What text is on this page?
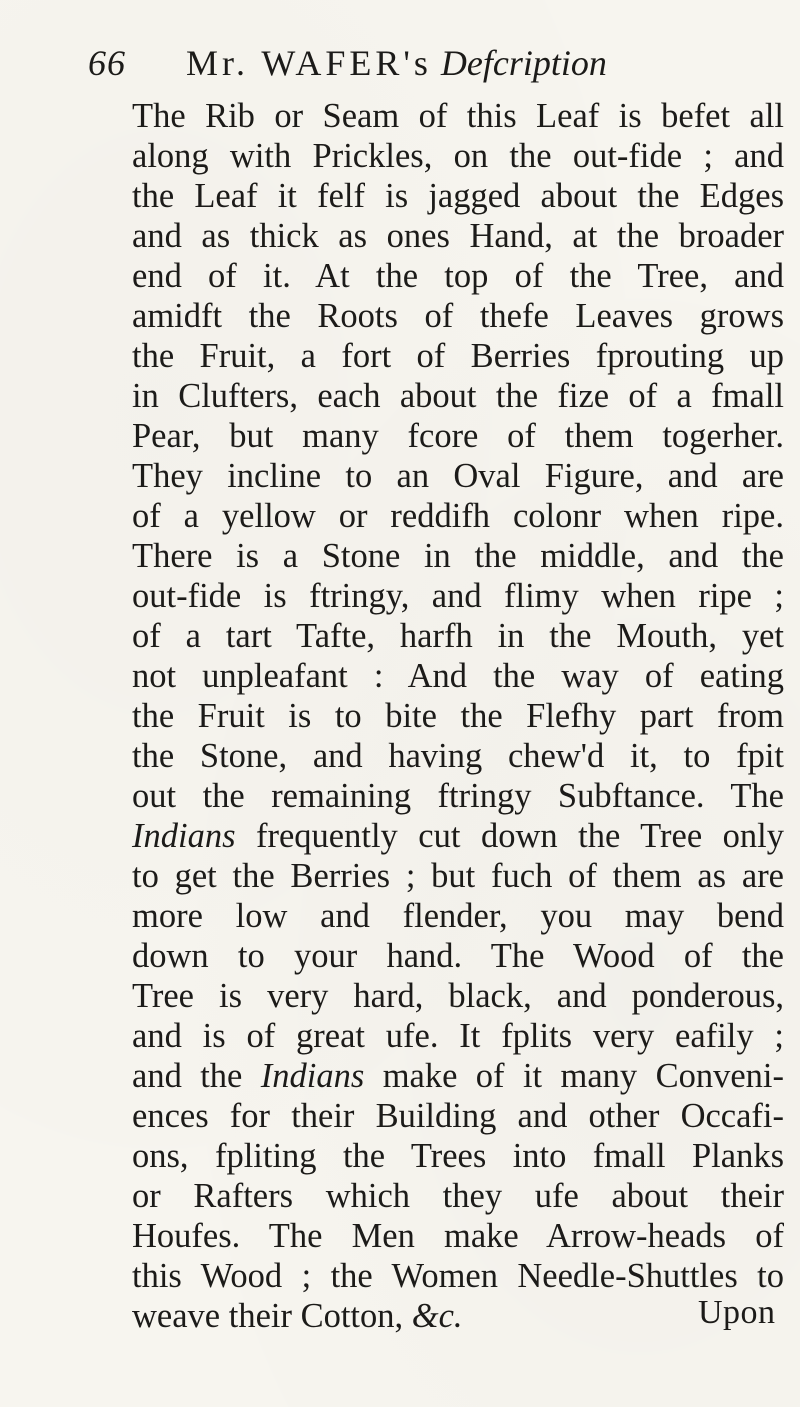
66 Mr. WAFER's Defcription
The Rib or Seam of this Leaf is befet all
along with Prickles, on the out-fide ; and
the Leaf it felf is jagged about the Edges
and as thick as ones Hand, at the broader
end of it. At the top of the Tree, and
amidft the Roots of thefe Leaves grows
the Fruit, a fort of Berries fprouting up
in Clufters, each about the fize of a fmall
Pear, but many fcore of them togerher.
They incline to an Oval Figure, and are
of a yellow or reddifh colonr when ripe.
There is a Stone in the middle, and the
out-fide is ftringy, and flimy when ripe ;
of a tart Tafte, harfh in the Mouth, yet
not unpleafant : And the way of eating
the Fruit is to bite the Flefhy part from
the Stone, and having chew'd it, to fpit
out the remaining ftringy Subftance. The
Indians frequently cut down the Tree only
to get the Berries ; but fuch of them as are
more low and flender, you may bend
down to your hand. The Wood of the
Tree is very hard, black, and ponderous,
and is of great ufe. It fplits very eafily ;
and the Indians make of it many Conveni-
ences for their Building and other Occafi-
ons, fpliting the Trees into fmall Planks
or Rafters which they ufe about their
Houfes. The Men make Arrow-heads of
this Wood ; the Women Needle-Shuttles to
weave their Cotton, &c.	Upon
